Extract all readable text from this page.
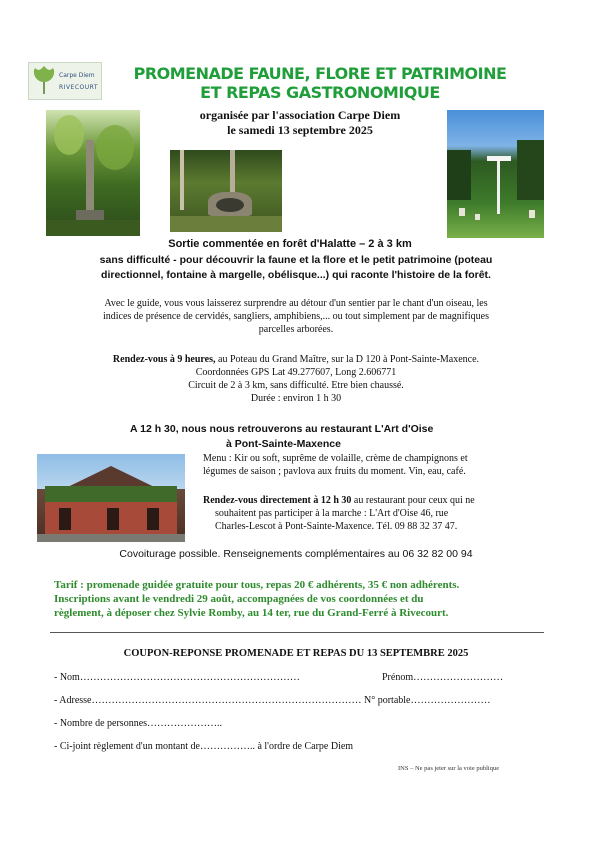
Carpe Diem
RIVECOURT
PROMENADE FAUNE, FLORE ET PATRIMOINE
ET REPAS GASTRONOMIQUE
organisée par l'association Carpe Diem
le samedi 13 septembre 2025
Sortie commentée en forêt d'Halatte – 2 à 3 km
sans difficulté - pour découvrir la faune et la flore et le petit patrimoine (poteau
directionnel, fontaine à margelle, obélisque...) qui raconte l'histoire de la forêt.
Avec le guide, vous vous laisserez surprendre au détour d'un sentier par le chant d'un oiseau, les
indices de présence de cervidés, sangliers, amphibiens,... ou tout simplement par de magnifiques
parcelles arborées.
Rendez-vous à 9 heures, au Poteau du Grand Maître, sur la D 120 à Pont-Sainte-Maxence.
Coordonnées GPS Lat 49.277607, Long 2.606771
Circuit de 2 à 3 km, sans difficulté. Etre bien chaussé.
Durée : environ 1 h 30
A 12 h 30, nous nous retrouverons au restaurant L'Art d'Oise
à Pont-Sainte-Maxence
Menu : Kir ou soft, suprême de volaille, crème de champignons et
légumes de saison ; pavlova aux fruits du moment. Vin, eau, café.
Rendez-vous directement à 12 h 30 au restaurant pour ceux qui ne
souhaitent pas participer à la marche : L'Art d'Oise 46, rue
Charles-Lescot à Pont-Sainte-Maxence. Tél. 09 88 32 37 47.
Covoiturage possible. Renseignements complémentaires au 06 32 82 00 94
Tarif : promenade guidée gratuite pour tous, repas 20 € adhérents, 35 € non adhérents.
Inscriptions avant le vendredi 29 août, accompagnées de vos coordonnées et du
règlement, à déposer chez Sylvie Romby, au 14 ter, rue du Grand-Ferré à Rivecourt.
COUPON-REPONSE PROMENADE ET REPAS DU 13 SEPTEMBRE 2025
- Nom…………………………………………………………	Prénom………………………
- Adresse……………………………………………………………………… N° portable……………………
- Nombre de personnes…………………..
- Ci-joint règlement d'un montant de…………….. à l'ordre de Carpe Diem
INS – Ne pas jeter sur la voie publique
